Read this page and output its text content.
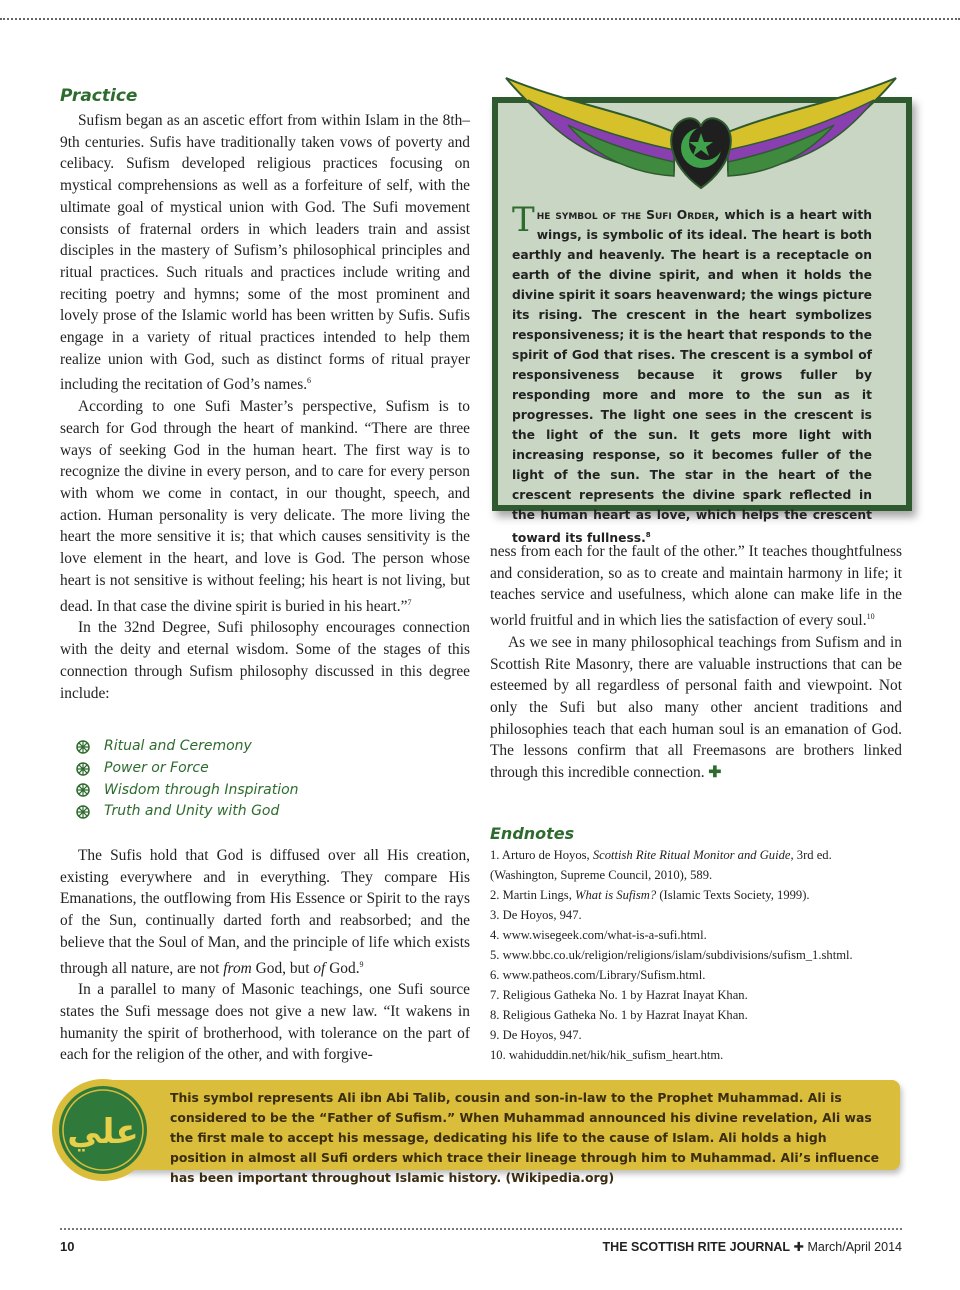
Practice

Sufism began as an ascetic effort from within Islam in the 8th–9th centuries. Sufis have traditionally taken vows of poverty and celibacy. Sufism developed religious practices focusing on mystical comprehensions as well as a forfeiture of self, with the ultimate goal of mystical union with God. The Sufi movement consists of fraternal orders in which leaders train and assist disciples in the mastery of Sufism’s philosophical principles and ritual practices. Such rituals and practices include writing and reciting poetry and hymns; some of the most prominent and lovely prose of the Islamic world has been written by Sufis. Sufis engage in a variety of ritual practices intended to help them realize union with God, such as distinct forms of ritual prayer including the recitation of God’s names.$^6$

According to one Sufi Master’s perspective, Sufism is to search for God through the heart of mankind. “There are three ways of seeking God in the human heart. The first way is to recognize the divine in every person, and to care for every person with whom we come in contact, in our thought, speech, and action. Human personality is very delicate. The more living the heart the more sensitive it is; that which causes sensitivity is the love element in the heart, and love is God. The person whose heart is not sensitive is without feeling; his heart is not living, but dead. In that case the divine spirit is buried in his heart.”$^7$

In the 32nd Degree, Sufi philosophy encourages connection with the deity and eternal wisdom. Some of the stages of this connection through Sufism philosophy discussed in this degree include:

Ritual and Ceremony
Power or Force
Wisdom through Inspiration
Truth and Unity with God

The Sufis hold that God is diffused over all His creation, existing everywhere and in everything. They compare His Emanations, the outflowing from His Essence or Spirit to the rays of the Sun, continually darted forth and reabsorbed; and the believe that the Soul of Man, and the principle of life which exists through all nature, are not from God, but of God.$^9$

In a parallel to many of Masonic teachings, one Sufi source states the Sufi message does not give a new law. “It wakens in humanity the spirit of brotherhood, with tolerance on the part of each for the religion of the other, and with forgive-

The symbol of the Sufi Order, which is a heart with wings, is symbolic of its ideal. The heart is both earthly and heavenly. The heart is a receptacle on earth of the divine spirit, and when it holds the divine spirit it soars heavenward; the wings picture its rising. The crescent in the heart symbolizes responsiveness; it is the heart that responds to the spirit of God that rises. The crescent is a symbol of responsiveness because it grows fuller by responding more and more to the sun as it progresses. The light one sees in the crescent is the light of the sun. It gets more light with increasing response, so it becomes fuller of the light of the sun. The star in the heart of the crescent represents the divine spark reflected in the human heart as love, which helps the crescent toward its fullness.$^8$

ness from each for the fault of the other.” It teaches thoughtfulness and consideration, so as to create and maintain harmony in life; it teaches service and usefulness, which alone can make life in the world fruitful and in which lies the satisfaction of every soul.$^{10}$

As we see in many philosophical teachings from Sufism and in Scottish Rite Masonry, there are valuable instructions that can be esteemed by all regardless of personal faith and viewpoint. Not only the Sufi but also many other ancient traditions and philosophies teach that each human soul is an emanation of God. The lessons confirm that all Freemasons are brothers linked through this incredible connection. ✚

Endnotes
1. Arturo de Hoyos, Scottish Rite Ritual Monitor and Guide, 3rd ed. (Washington, Supreme Council, 2010), 589.
2. Martin Lings, What is Sufism? (Islamic Texts Society, 1999).
3. De Hoyos, 947.
4. www.wisegeek.com/what-is-a-sufi.html.
5. www.bbc.co.uk/religion/religions/islam/subdivisions/sufism_1.shtml.
6. www.patheos.com/Library/Sufism.html.
7. Religious Gatheka No. 1 by Hazrat Inayat Khan.
8. Religious Gatheka No. 1 by Hazrat Inayat Khan.
9. De Hoyos, 947.
10. wahiduddin.net/hik/hik_sufism_heart.htm.
This symbol represents Ali ibn Abi Talib, cousin and son-in-law to the Prophet Muhammad. Ali is considered to be the “Father of Sufism.” When Muhammad announced his divine revelation, Ali was the first male to accept his message, dedicating his life to the cause of Islam. Ali holds a high position in almost all Sufi orders which trace their lineage through him to Muhammad. Ali’s influence has been important throughout Islamic history. (Wikipedia.org)
علي
10	THE SCOTTISH RITE JOURNAL ✚ March/April 2014
